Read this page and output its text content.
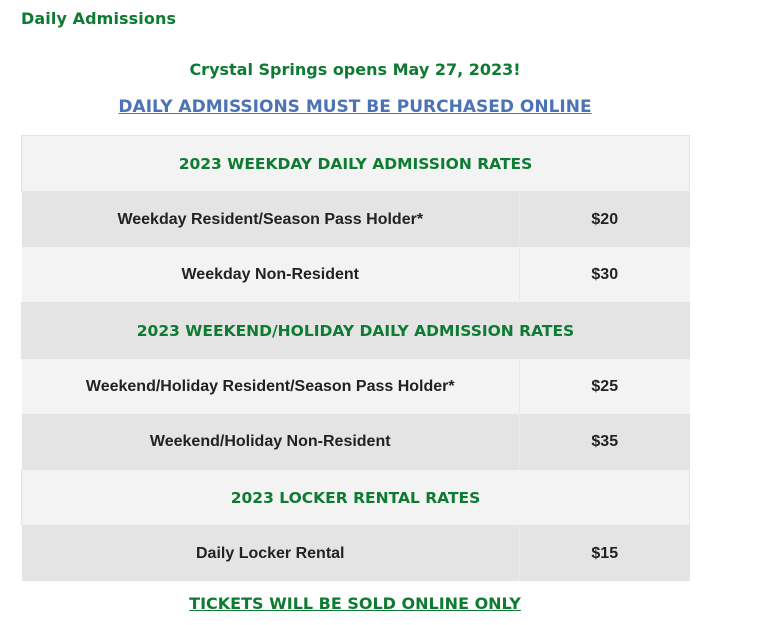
Daily Admissions
Crystal Springs opens May 27, 2023!
DAILY ADMISSIONS MUST BE PURCHASED ONLINE
2023 WEEKDAY DAILY ADMISSION RATES	
Weekday Resident/Season Pass Holder*	$20
Weekday Non-Resident	$30
2023 WEEKEND/HOLIDAY DAILY ADMISSION RATES	
Weekend/Holiday Resident/Season Pass Holder*	$25
Weekend/Holiday Non-Resident	$35
2023 LOCKER RENTAL RATES	
Daily Locker Rental	$15
TICKETS WILL BE SOLD ONLINE ONLY
